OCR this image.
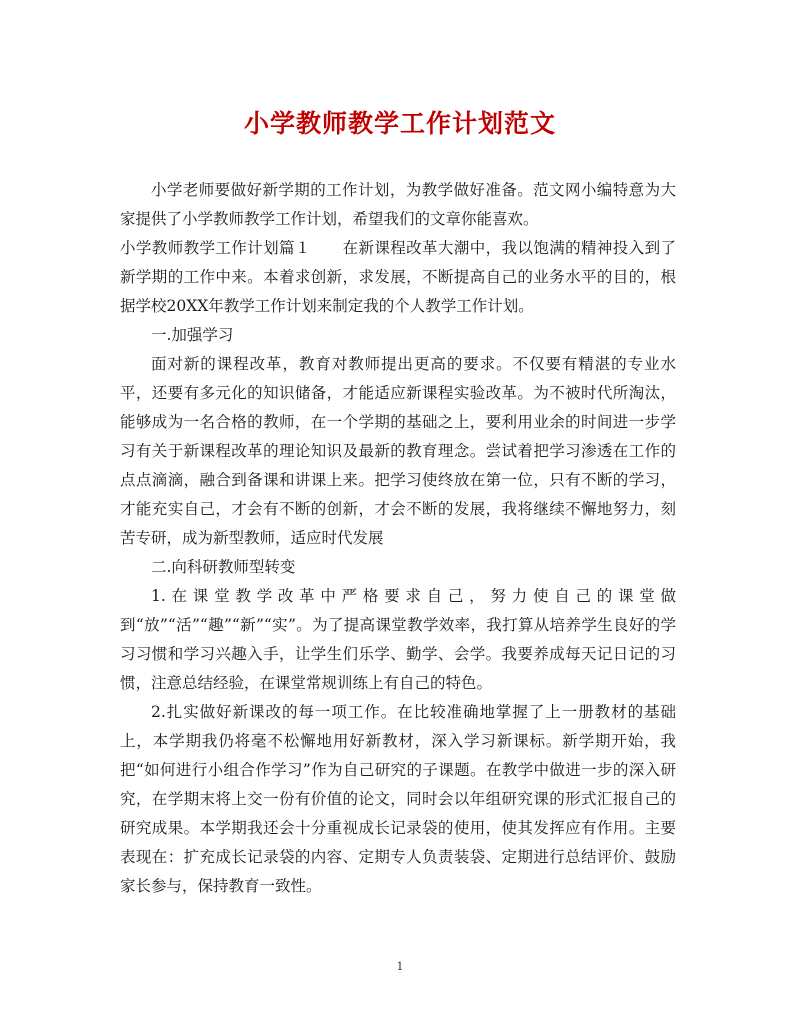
小学教师教学工作计划范文

小学老师要做好新学期的工作计划，为教学做好准备。范文网小编特意为大家提供了小学教师教学工作计划，希望我们的文章你能喜欢。

小学教师教学工作计划篇１　　在新课程改革大潮中，我以饱满的精神投入到了新学期的工作中来。本着求创新，求发展，不断提高自己的业务水平的目的，根据学校20XX年教学工作计划来制定我的个人教学工作计划。

一.加强学习

面对新的课程改革，教育对教师提出更高的要求。不仅要有精湛的专业水平，还要有多元化的知识储备，才能适应新课程实验改革。为不被时代所淘汰，能够成为一名合格的教师，在一个学期的基础之上，要利用业余的时间进一步学习有关于新课程改革的理论知识及最新的教育理念。尝试着把学习渗透在工作的点点滴滴，融合到备课和讲课上来。把学习使终放在第一位，只有不断的学习，才能充实自己，才会有不断的创新，才会不断的发展，我将继续不懈地努力，刻苦专研，成为新型教师，适应时代发展

二.向科研教师型转变

1.在课堂教学改革中严格要求自己，努力使自己的课堂做到“放”“活”“趣”“新”“实”。为了提高课堂教学效率，我打算从培养学生良好的学习习惯和学习兴趣入手，让学生们乐学、勤学、会学。我要养成每天记日记的习惯，注意总结经验，在课堂常规训练上有自己的特色。

2.扎实做好新课改的每一项工作。在比较准确地掌握了上一册教材的基础上，本学期我仍将毫不松懈地用好新教材，深入学习新课标。新学期开始，我把“如何进行小组合作学习”作为自己研究的子课题。在教学中做进一步的深入研究，在学期末将上交一份有价值的论文，同时会以年组研究课的形式汇报自己的研究成果。本学期我还会十分重视成长记录袋的使用，使其发挥应有作用。主要表现在：扩充成长记录袋的内容、定期专人负责装袋、定期进行总结评价、鼓励家长参与，保持教育一致性。

1
